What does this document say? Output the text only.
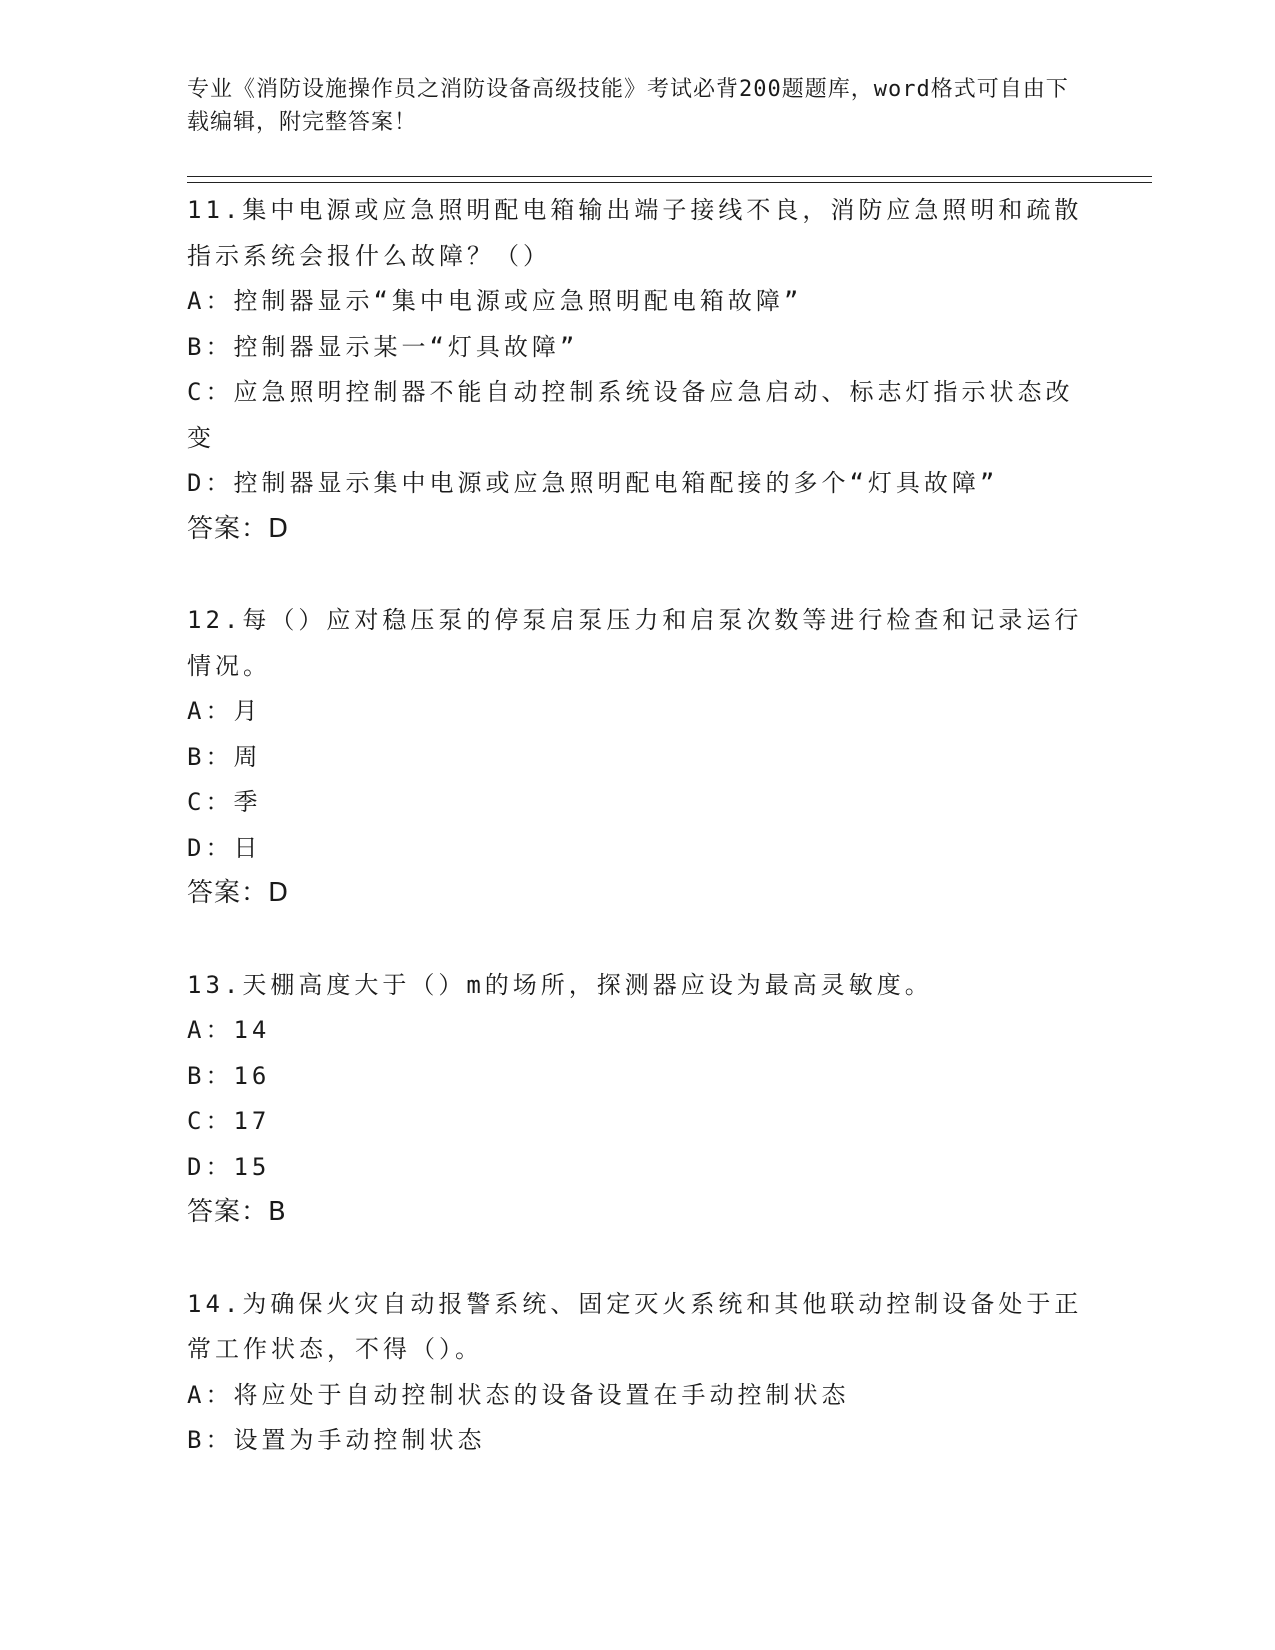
专业《消防设施操作员之消防设备高级技能》考试必背200题题库，word格式可自由下载编辑，附完整答案！
11.集中电源或应急照明配电箱输出端子接线不良，消防应急照明和疏散指示系统会报什么故障？（）
A：控制器显示“集中电源或应急照明配电箱故障”
B：控制器显示某一“灯具故障”
C：应急照明控制器不能自动控制系统设备应急启动、标志灯指示状态改变
D：控制器显示集中电源或应急照明配电箱配接的多个“灯具故障”
答案：D
12.每（）应对稳压泵的停泵启泵压力和启泵次数等进行检查和记录运行情况。
A：月
B：周
C：季
D：日
答案：D
13.天棚高度大于（）m的场所，探测器应设为最高灵敏度。
A：14
B：16
C：17
D：15
答案：B
14.为确保火灾自动报警系统、固定灭火系统和其他联动控制设备处于正常工作状态，不得（）。
A：将应处于自动控制状态的设备设置在手动控制状态
B：设置为手动控制状态
